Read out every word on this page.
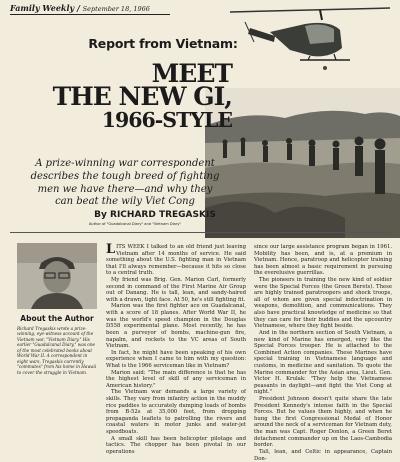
Family Weekly / September 18, 1966
Report from Vietnam:
MEET
THE NEW GI,
1966-STYLE
A prize-winning war correspondent describes the tough breed of fighting men we have there—and why they can beat the wily Viet Cong
By RICHARD TREGASKIS
Author of "Guadalcanal Diary" and "Vietnam Diary"
About the Author
Richard Tregaskis wrote a prize-winning, eye-witness account of the Vietnam war, "Vietnam Diary." His earlier "Guadalcanal Diary," was one of the most celebrated books about World War II. A correspondent in eight wars, Tregaskis currently "commutes" from his home in Hawaii to cover the struggle in Vietnam.

LITS WEEK I talked to an old friend just leaving Vietnam after 14 months of service. He said something about the U.S. fighting man in Vietnam that I'll always remember—because it hits so close to a central truth.

My friend was Brig. Gen. Marion Carl, formerly second in command of the First Marine Air Group out of Danang. He is tall, lean, and sandy-haired with a drawn, tight face. At 50, he's still fighting fit.

Marion was the first fighter ace on Guadalcanal, with a score of 18 planes. After World War II, he was the world's speed champion in the Douglas D558 experimental plane. Most recently, he has been a purveyor of bombs, machine-gun fire, napalm, and rockets to the VC areas of South Vietnam.

In fact, he might have been speaking of his own experience when I came to him with my question: What is the 1966 serviceman like in Vietnam?

Marion said: "The main difference is that he has the highest level of skill of any serviceman in American history."

The Vietnam war demands a large variety of skills. They vary from infantry action in the muddy rice paddies to accurately dumping loads of bombs from B-52s at 35,000 feet, from dropping propaganda leaflets to patrolling the rivers and coastal waters in motor junks and water-jet speedboats.

A small skill has been helicopter pilotage and tactics. The chopper has been pivotal in our operations

since our large assistance program began in 1961. Mobility has been, and is, at a premium in Vietnam. Hence, paratroop and helicopter training has been almost a basic requirement in pursuing the everelusive guerrillas.

The pioneers in training the new kind of soldier were the Special Forces (the Green Berets). These are highly trained paratroopers and shock troops, all of whom are given special indoctrination in weapons, demolition, and communications. They also have practical knowledge of medicine so that they can care for their buddies and the upcountry Vietnamese, where they fight beside.

And in the northern section of South Vietnam, a new kind of Marine has emerged, very like the Special Forces trooper. He is attached to the Combined Action companies. These Marines have special training in Vietnamese language and customs, in medicine and sanitation. To quote the Marine commander for the Asian area, Lieut. Gen. Victor H. Krulak: "They help the Vietnamese peasants in daylight—and fight the Viet Cong at night."

President Johnson doesn't quite share the late President Kennedy's intense faith in the Special Forces. But he values them highly, and when he hung the first Congressional Medal of Honor around the neck of a serviceman for Vietnam duty, the man was Capt. Roger Donlon, a Green Beret detachment commander up on the Laos-Cambodia border.

Tall, lean, and Celtic in appearance, Captain Don-
